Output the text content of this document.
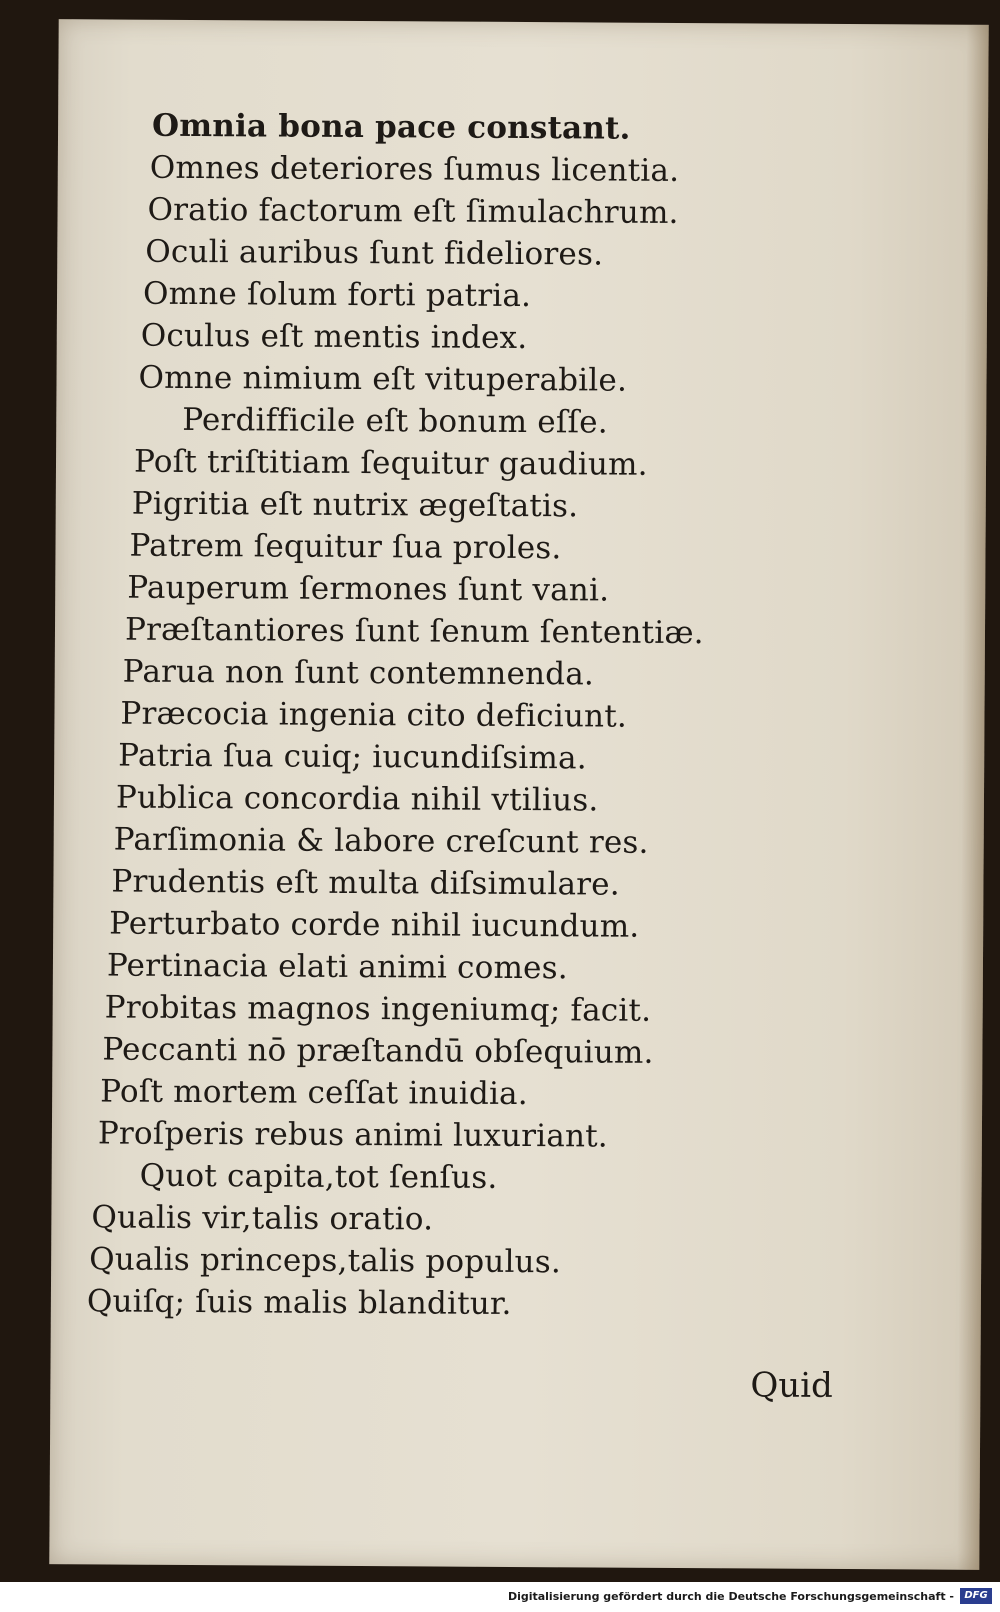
Omnia bona pace constant.
Omnes deteriores ſumus licentia.
Oratio factorum eſt ſimulachrum.
Oculi auribus ſunt fideliores.
Omne ſolum forti patria.
Oculus eſt mentis index.
Omne nimium eſt vituperabile.
Perdifficile eſt bonum eſſe.
Poſt triſtitiam ſequitur gaudium.
Pigritia eſt nutrix ægeſtatis.
Patrem ſequitur ſua proles.
Pauperum ſermones ſunt vani.
Præſtantiores ſunt ſenum ſententiæ.
Parua non ſunt contemnenda.
Præcocia ingenia cito deficiunt.
Patria ſua cuiq; iucundiſsima.
Publica concordia nihil vtilius.
Parſimonia & labore creſcunt res.
Prudentis eſt multa diſsimulare.
Perturbato corde nihil iucundum.
Pertinacia elati animi comes.
Probitas magnos ingeniumq; facit.
Peccanti nō præſtandū obſequium.
Poſt mortem ceſſat inuidia.
Proſperis rebus animi luxuriant.
Quot capita,tot ſenſus.
Qualis vir,talis oratio.
Qualis princeps,talis populus.
Quiſq; ſuis malis blanditur.
Quid
Digitalisierung gefördert durch die Deutsche Forschungsgemeinschaft -	DFG
